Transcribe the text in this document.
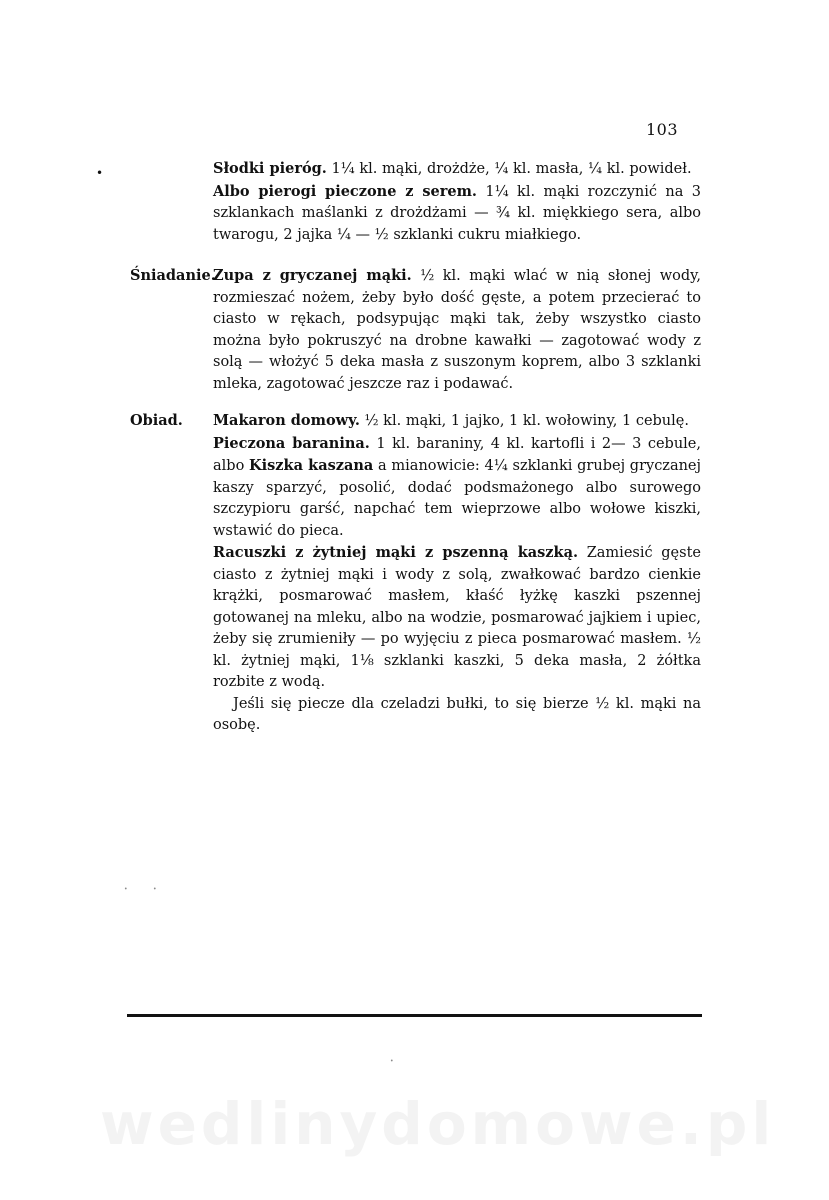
103
•	Słodki pieróg. 1¼ kl. mąki, drożdże, ¼ kl. masła, ¼ kl. powideł.

Albo pierogi pieczone z serem. 1¼ kl. mąki rozczynić na 3 szklankach maślanki z drożdżami — ¾ kl. miękkiego sera, albo twarogu, 2 jajka ¼ — ½ szklanki cukru miałkiego.

Śniadanie.

Zupa z gryczanej mąki. ½ kl. mąki wlać w nią słonej wody, rozmieszać nożem, żeby było dość gęste, a potem przecierać to ciasto w rękach, podsypując mąki tak, żeby wszystko ciasto można było pokruszyć na drobne kawałki — zagotować wody z solą — włożyć 5 deka masła z suszonym koprem, albo 3 szklanki mleka, zagotować jeszcze raz i podawać.

Obiad. Makaron domowy. ½ kl. mąki, 1 jajko, 1 kl. wołowiny, 1 cebulę.

Pieczona baranina. 1 kl. baraniny, 4 kl. kartofli i 2— 3 cebule, albo Kiszka kaszana a mianowicie: 4¼ szklanki grubej gryczanej kaszy sparzyć, posolić, dodać podsmażonego albo surowego szczypioru garść, napchać tem wieprzowe albo wołowe kiszki, wstawić do pieca.

Racuszki z żytniej mąki z pszenną kaszką. Zamiesić gęste ciasto z żytniej mąki i wody z solą, zwałkować bardzo cienkie krążki, posmarować masłem, kłaść łyżkę kaszki pszennej gotowanej na mleku, albo na wodzie, posmarować jajkiem i upiec, żeby się zrumieniły — po wyjęciu z pieca posmarować masłem. ½ kl. żytniej mąki, 1⅛ szklanki kaszki, 5 deka masła, 2 żółtka rozbite z wodą.

Jeśli się piecze dla czeladzi bułki, to się bierze ½ kl. mąki na osobę.

•	•
•
wedlinydomowe.pl
